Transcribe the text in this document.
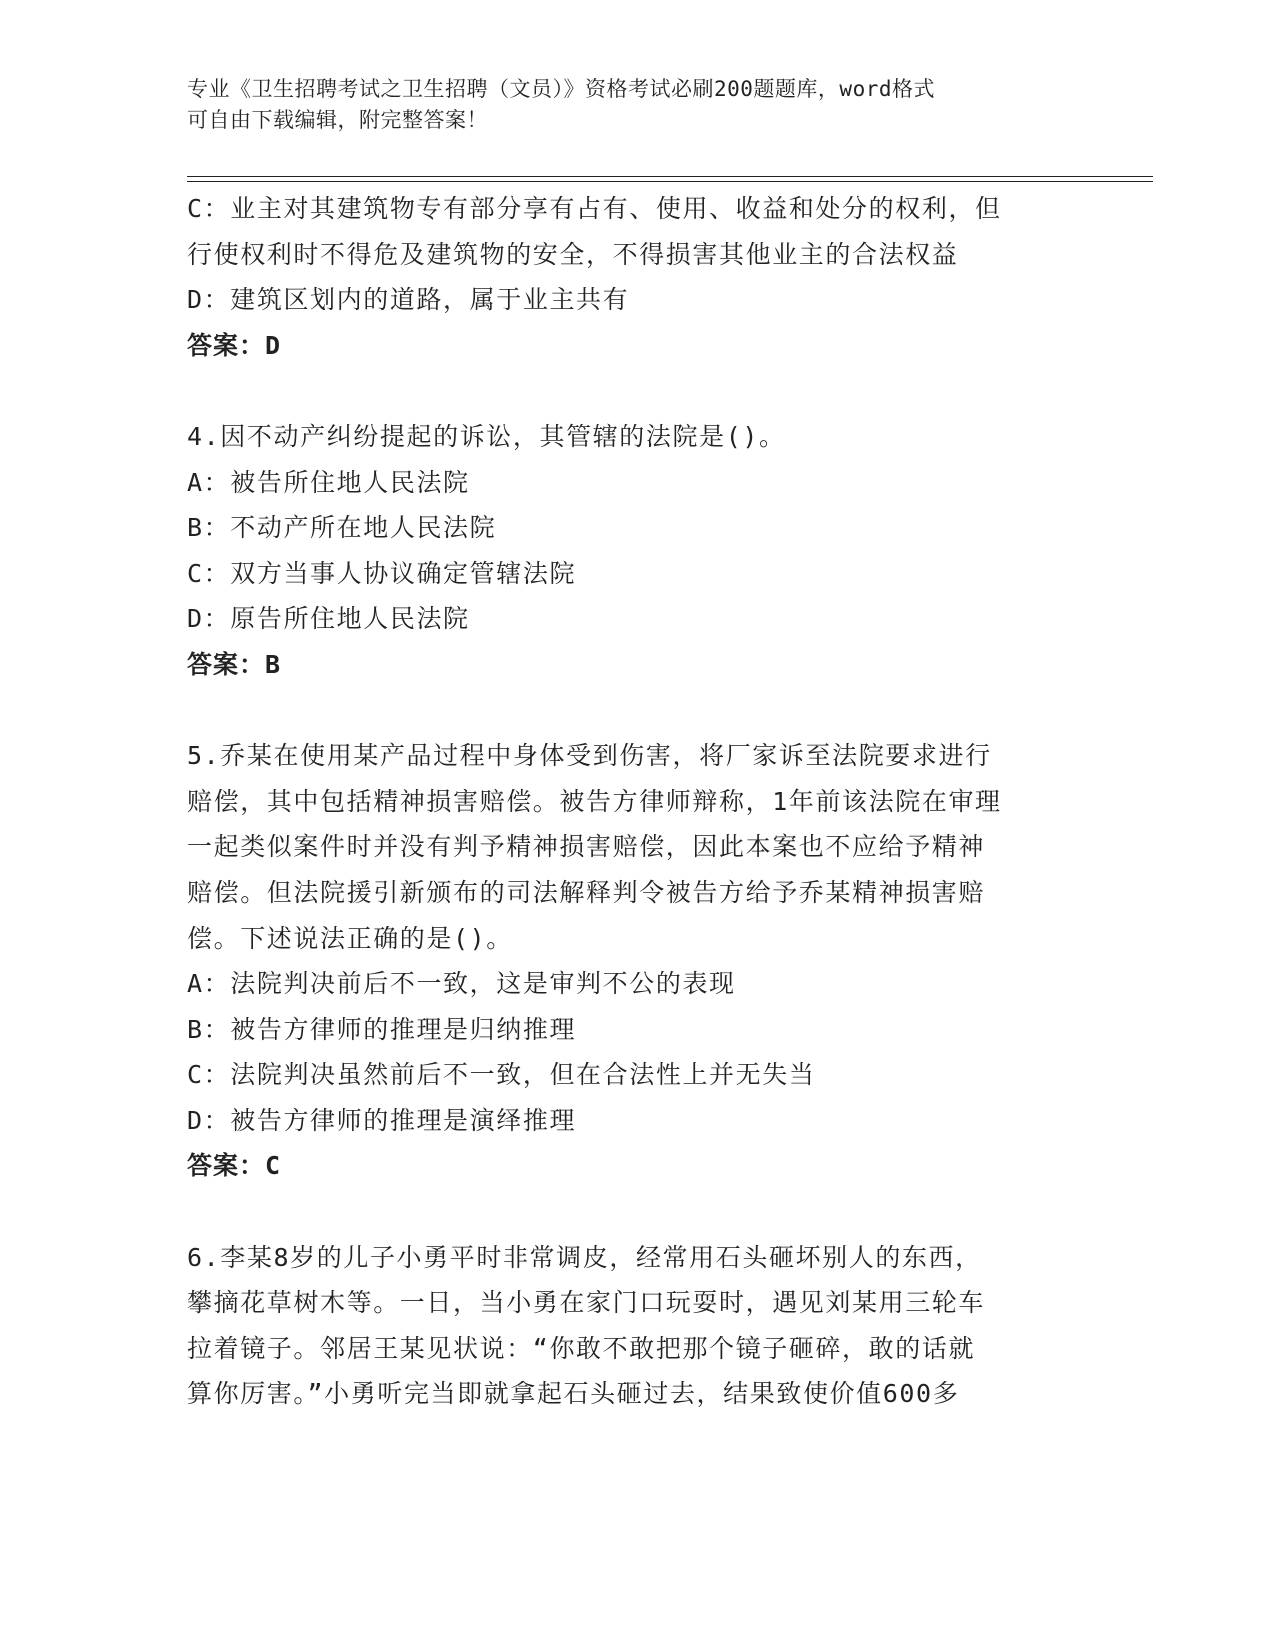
专业《卫生招聘考试之卫生招聘（文员）》资格考试必刷200题题库，word格式
可自由下载编辑，附完整答案！
C：业主对其建筑物专有部分享有占有、使用、收益和处分的权利，但
行使权利时不得危及建筑物的安全，不得损害其他业主的合法权益
D：建筑区划内的道路，属于业主共有
答案：D
4.因不动产纠纷提起的诉讼，其管辖的法院是()。
A：被告所住地人民法院
B：不动产所在地人民法院
C：双方当事人协议确定管辖法院
D：原告所住地人民法院
答案：B
5.乔某在使用某产品过程中身体受到伤害，将厂家诉至法院要求进行
赔偿，其中包括精神损害赔偿。被告方律师辩称，1年前该法院在审理
一起类似案件时并没有判予精神损害赔偿，因此本案也不应给予精神
赔偿。但法院援引新颁布的司法解释判令被告方给予乔某精神损害赔
偿。下述说法正确的是()。
A：法院判决前后不一致，这是审判不公的表现
B：被告方律师的推理是归纳推理
C：法院判决虽然前后不一致，但在合法性上并无失当
D：被告方律师的推理是演绎推理
答案：C
6.李某8岁的儿子小勇平时非常调皮，经常用石头砸坏别人的东西，
攀摘花草树木等。一日，当小勇在家门口玩耍时，遇见刘某用三轮车
拉着镜子。邻居王某见状说：“你敢不敢把那个镜子砸碎，敢的话就
算你厉害。”小勇听完当即就拿起石头砸过去，结果致使价值600多
